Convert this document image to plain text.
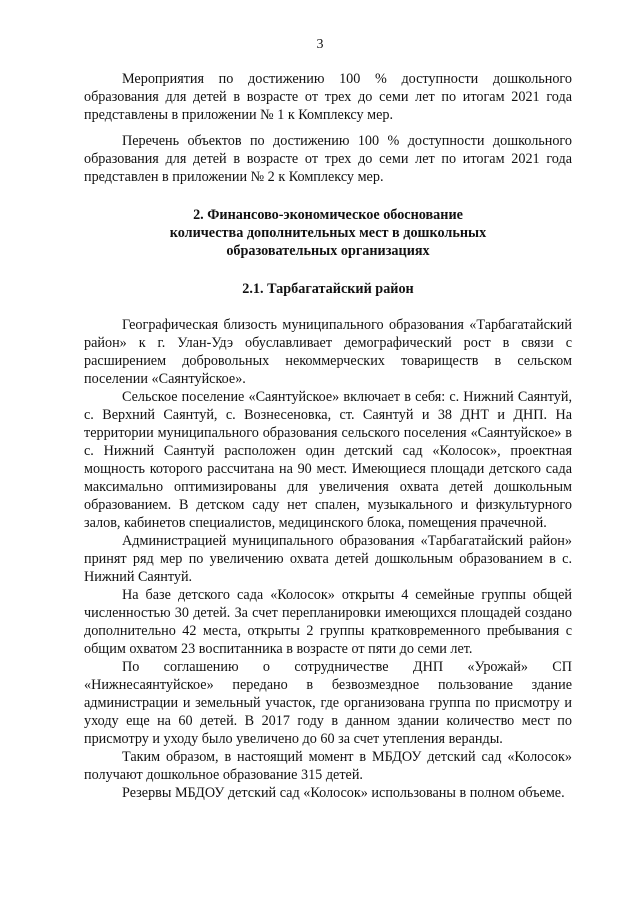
3

Мероприятия по достижению 100 % доступности дошкольного образования для детей в возрасте от трех до семи лет по итогам 2021 года представлены в приложении № 1 к Комплексу мер.

Перечень объектов по достижению 100 % доступности дошкольного образования для детей в возрасте от трех до семи лет по итогам 2021 года представлен в приложении № 2 к Комплексу мер.

2. Финансово-экономическое обоснование
количества дополнительных мест в дошкольных
образовательных организациях
2.1. Тарбагатайский район

Географическая близость муниципального образования «Тарбагатайский район» к г. Улан-Удэ обуславливает демографический рост в связи с расширением добровольных некоммерческих товариществ в сельском поселении «Саянтуйское».

Сельское поселение «Саянтуйское» включает в себя: с. Нижний Саянтуй, с. Верхний Саянтуй, с. Вознесеновка, ст. Саянтуй и 38 ДНТ и ДНП. На территории муниципального образования сельского поселения «Саянтуйское» в с. Нижний Саянтуй расположен один детский сад «Колосок», проектная мощность которого рассчитана на 90 мест. Имеющиеся площади детского сада максимально оптимизированы для увеличения охвата детей дошкольным образованием. В детском саду нет спален, музыкального и физкультурного залов, кабинетов специалистов, медицинского блока, помещения прачечной.

Администрацией муниципального образования «Тарбагатайский район» принят ряд мер по увеличению охвата детей дошкольным образованием в с. Нижний Саянтуй.

На базе детского сада «Колосок» открыты 4 семейные группы общей численностью 30 детей. За счет перепланировки имеющихся площадей создано дополнительно 42 места, открыты 2 группы кратковременного пребывания с общим охватом 23 воспитанника в возрасте от пяти до семи лет.

По соглашению о сотрудничестве ДНП «Урожай» СП «Нижнесаянтуйское» передано в безвозмездное пользование здание администрации и земельный участок, где организована группа по присмотру и уходу еще на 60 детей. В 2017 году в данном здании количество мест по присмотру и уходу было увеличено до 60 за счет утепления веранды.

Таким образом, в настоящий момент в МБДОУ детский сад «Колосок» получают дошкольное образование 315 детей.

Резервы МБДОУ детский сад «Колосок» использованы в полном объеме.
